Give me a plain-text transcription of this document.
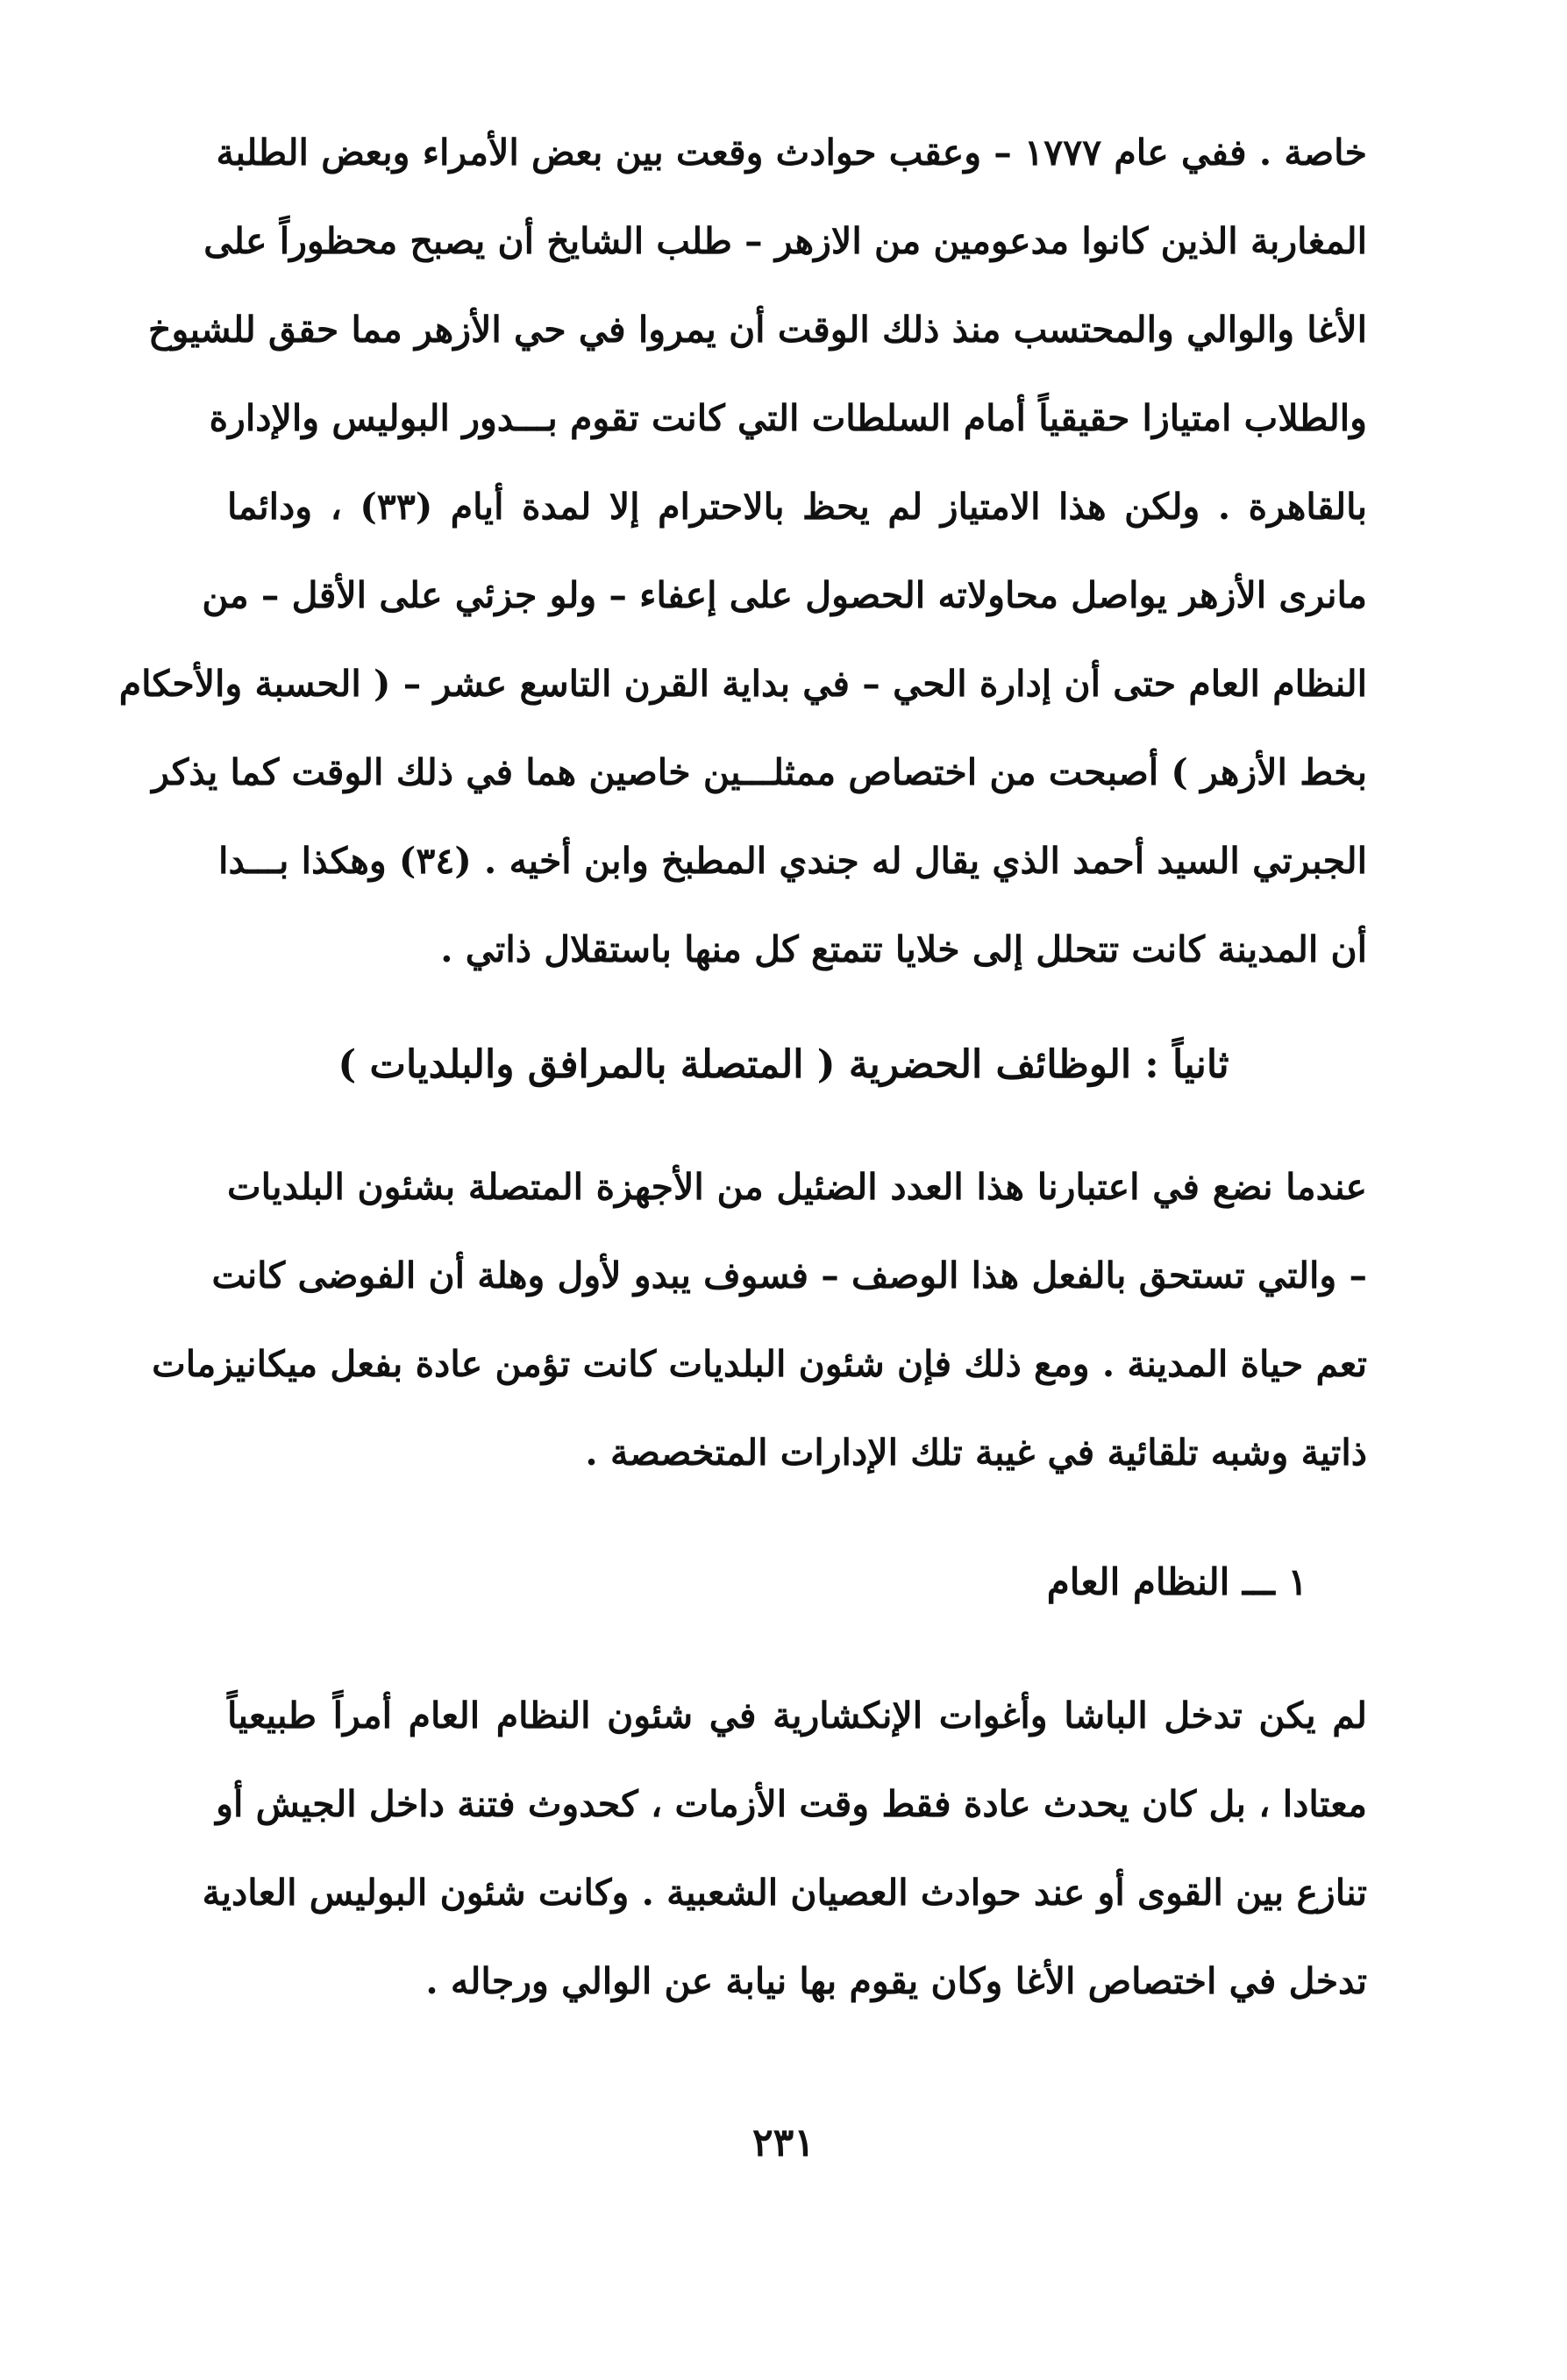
خاصة . ففي عام ١٧٧٧ – وعقب حوادث وقعت بين بعض الأمراء وبعض الطلبة
المغاربة الذين كانوا مدعومين من الازهر – طلب الشايخ أن يصبح محظوراً على
الأغا والوالي والمحتسب منذ ذلك الوقت أن يمروا في حي الأزهر مما حقق للشيوخ
والطلاب امتيازا حقيقياً أمام السلطات التي كانت تقوم بـــدور البوليس والإدارة
بالقاهرة . ولكن هذا الامتياز لم يحظ بالاحترام إلا لمدة أيام (٣٣) ، ودائما
مانرى الأزهر يواصل محاولاته الحصول على إعفاء – ولو جزئي على الأقل – من
النظام العام حتى أن إدارة الحي – في بداية القرن التاسع عشر – ( الحسبة والأحكام
بخط الأزهر ) أصبحت من اختصاص ممثلـــين خاصين هما في ذلك الوقت كما يذكر
الجبرتي السيد أحمد الذي يقال له جندي المطبخ وابن أخيه . (٣٤) وهكذا بـــدا
أن المدينة كانت تتحلل إلى خلايا تتمتع كل منها باستقلال ذاتي .
ثانياً : الوظائف الحضرية ( المتصلة بالمرافق والبلديات )
عندما نضع في اعتبارنا هذا العدد الضئيل من الأجهزة المتصلة بشئون البلديات
– والتي تستحق بالفعل هذا الوصف – فسوف يبدو لأول وهلة أن الفوضى كانت
تعم حياة المدينة . ومع ذلك فإن شئون البلديات كانت تؤمن عادة بفعل ميكانيزمات
ذاتية وشبه تلقائية في غيبة تلك الإدارات المتخصصة .
١ ـــ النظام العام
لم يكن تدخل الباشا وأغوات الإنكشارية في شئون النظام العام أمراً طبيعياً
معتادا ، بل كان يحدث عادة فقط وقت الأزمات ، كحدوث فتنة داخل الجيش أو
تنازع بين القوى أو عند حوادث العصيان الشعبية . وكانت شئون البوليس العادية
تدخل في اختصاص الأغا وكان يقوم بها نيابة عن الوالي ورجاله .
٢٣١
